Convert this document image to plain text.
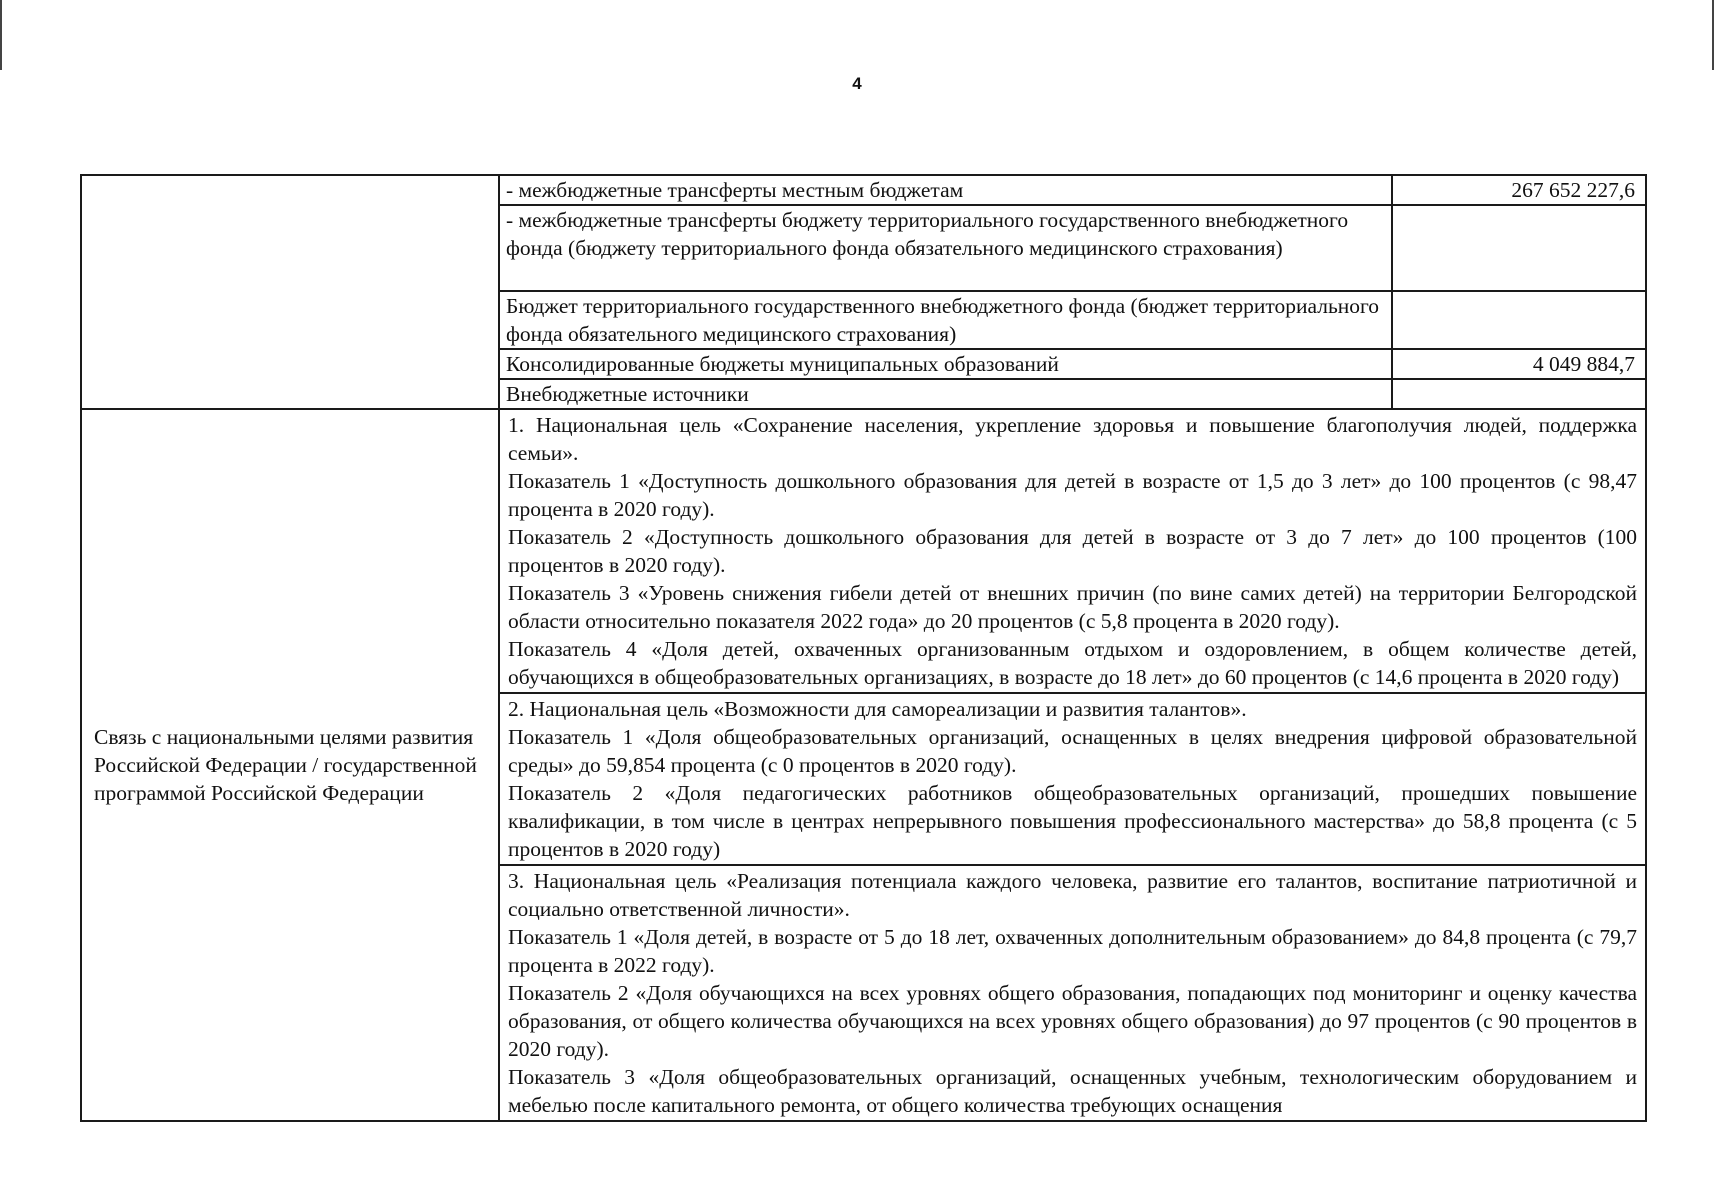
4
	- межбюджетные трансферты местным бюджетам	267 652 227,6
	- межбюджетные трансферты бюджету территориального государственного внебюджетного фонда (бюджету территориального фонда обязательного медицинского страхования)	
	Бюджет территориального государственного внебюджетного фонда (бюджет территориального фонда обязательного медицинского страхования)	
	Консолидированные бюджеты муниципальных образований	4 049 884,7
	Внебюджетные источники	
Связь с национальными целями развития Российской Федерации / государственной программой Российской Федерации	1. Национальная цель «Сохранение населения, укрепление здоровья и повышение благополучия людей, поддержка семьи».

Показатель 1 «Доступность дошкольного образования для детей в возрасте от 1,5 до 3 лет» до 100 процентов (с 98,47 процента в 2020 году).

Показатель 2 «Доступность дошкольного образования для детей в возрасте от 3 до 7 лет» до 100 процентов (100 процентов в 2020 году).

Показатель 3 «Уровень снижения гибели детей от внешних причин (по вине самих детей) на территории Белгородской области относительно показателя 2022 года» до 20 процентов (с 5,8 процента в 2020 году).

Показатель 4 «Доля детей, охваченных организованным отдыхом и оздоровлением, в общем количестве детей, обучающихся в общеобразовательных организациях, в возрасте до 18 лет» до 60 процентов (с 14,6 процента в 2020 году)	

	2. Национальная цель «Возможности для самореализации и развития талантов».

Показатель 1 «Доля общеобразовательных организаций, оснащенных в целях внедрения цифровой образовательной среды» до 59,854 процента (с 0 процентов в 2020 году).

Показатель 2 «Доля педагогических работников общеобразовательных организаций, прошедших повышение квалификации, в том числе в центрах непрерывного повышения профессионального мастерства» до 58,8 процента (с 5 процентов в 2020 году)	

	3. Национальная цель «Реализация потенциала каждого человека, развитие его талантов, воспитание патриотичной и социально ответственной личности».

Показатель 1 «Доля детей, в возрасте от 5 до 18 лет, охваченных дополнительным образованием» до 84,8 процента (с 79,7 процента в 2022 году).

Показатель 2 «Доля обучающихся на всех уровнях общего образования, попадающих под мониторинг и оценку качества образования, от общего количества обучающихся на всех уровнях общего образования) до 97 процентов (с 90 процентов в 2020 году).

Показатель 3 «Доля общеобразовательных организаций, оснащенных учебным, технологическим оборудованием и мебелью после капитального ремонта, от общего количества требующих оснащения	
